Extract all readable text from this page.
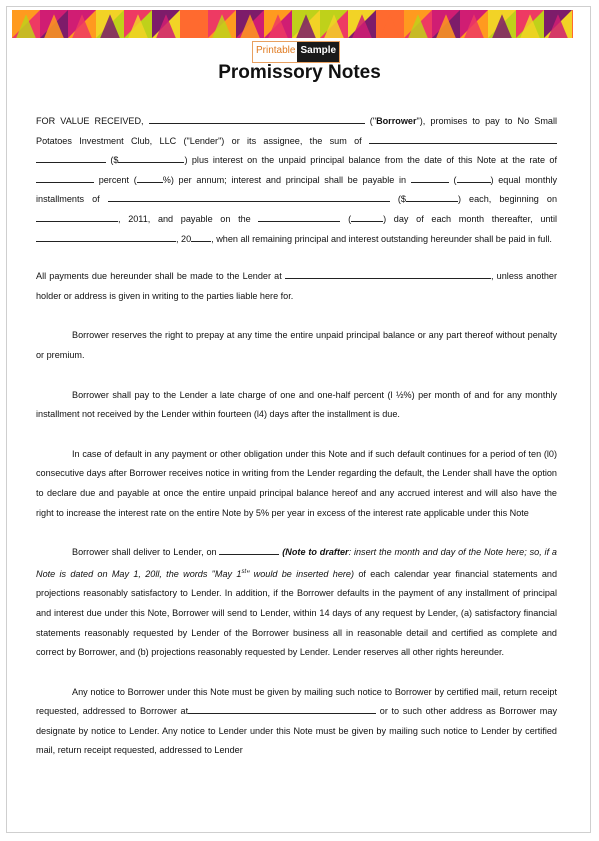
Printable Sample
Promissory Notes

FOR VALUE RECEIVED,	("Borrower"), promises to pay to No Small Potatoes Investment Club, LLC ("Lender") or its assignee, the sum of   ($	) plus interest on the unpaid principal balance from the date of this Note at the rate of  percent (	%) per annum; interest and principal shall be payable in	(	) equal monthly installments of	($	) each, beginning on , 2011, and payable on the	(	) day of each month thereafter, until , 20 , when all remaining principal and interest outstanding hereunder shall be paid in full.

All payments due hereunder shall be made to the Lender at	, unless another holder or address is given in writing to the parties liable here for.

Borrower reserves the right to prepay at any time the entire unpaid principal balance or any part thereof without penalty or premium.

Borrower shall pay to the Lender a late charge of one and one-half percent (l ½%) per month of and for any monthly installment not received by the Lender within fourteen (l4) days after the installment is due.

In case of default in any payment or other obligation under this Note and if such default continues for a period of ten (l0) consecutive days after Borrower receives notice in writing from the Lender regarding the default, the Lender shall have the option to declare due and payable at once the entire unpaid principal balance hereof and any accrued interest and will also have the right to increase the interest rate on the entire Note by 5% per year in excess of the interest rate applicable under this Note

Borrower shall deliver to Lender, on	(Note to drafter: insert the month and day of the Note here; so, if a Note is dated on May 1, 20ll, the words "May 1st" would be inserted here) of each calendar year financial statements and projections reasonably satisfactory to Lender. In addition, if the Borrower defaults in the payment of any installment of principal and interest due under this Note, Borrower will send to Lender, within 14 days of any request by Lender, (a) satisfactory financial statements reasonably requested by Lender of the Borrower business all in reasonable detail and certified as complete and correct by Borrower, and (b) projections reasonably requested by Lender. Lender reserves all other rights hereunder.

Any notice to Borrower under this Note must be given by mailing such notice to Borrower by certified mail, return receipt requested, addressed to Borrower at	or to such other address as Borrower may designate by notice to Lender. Any notice to Lender under this Note must be given by mailing such notice to Lender by certified mail, return receipt requested, addressed to Lender
